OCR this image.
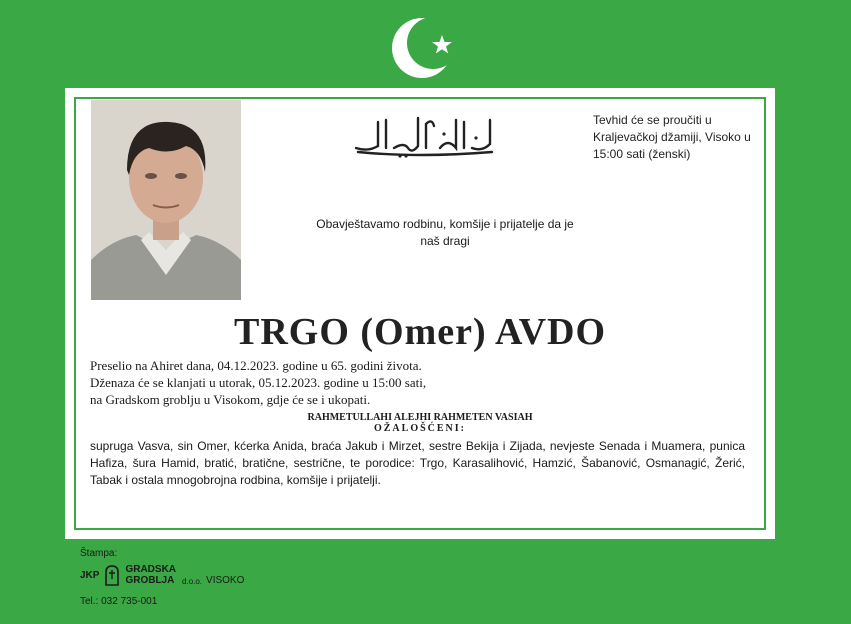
Tevhid će se proučiti u Kraljevačkoj džamiji, Visoko u 15:00 sati (ženski)
Obavještavamo rodbinu, komšije i prijatelje da je
naš dragi
TRGO (Omer) AVDO
Preselio na Ahiret dana, 04.12.2023. godine u 65. godini života.
Dženaza će se klanjati u utorak, 05.12.2023. godine u 15:00 sati,
na Gradskom groblju u Visokom, gdje će se i ukopati.
RAHMETULLAHI ALEJHI RAHMETEN VASIAH
OŽALOŠĆENI:
supruga Vasva, sin Omer, kćerka Anida, braća Jakub i Mirzet, sestre Bekija i Zijada, nevjeste Senada i Muamera, punica Hafiza, šura Hamid, bratić, bratične, sestrične, te porodice: Trgo, Karasalihović, Hamzić, Šabanović, Osmanagić, Žerić, Tabak i ostala mnogobrojna rodbina, komšije i prijatelji.
Štampa:
JKP	GRADSKA
GROBLJA d.o.o. VISOKO
Tel.: 032 735-001
